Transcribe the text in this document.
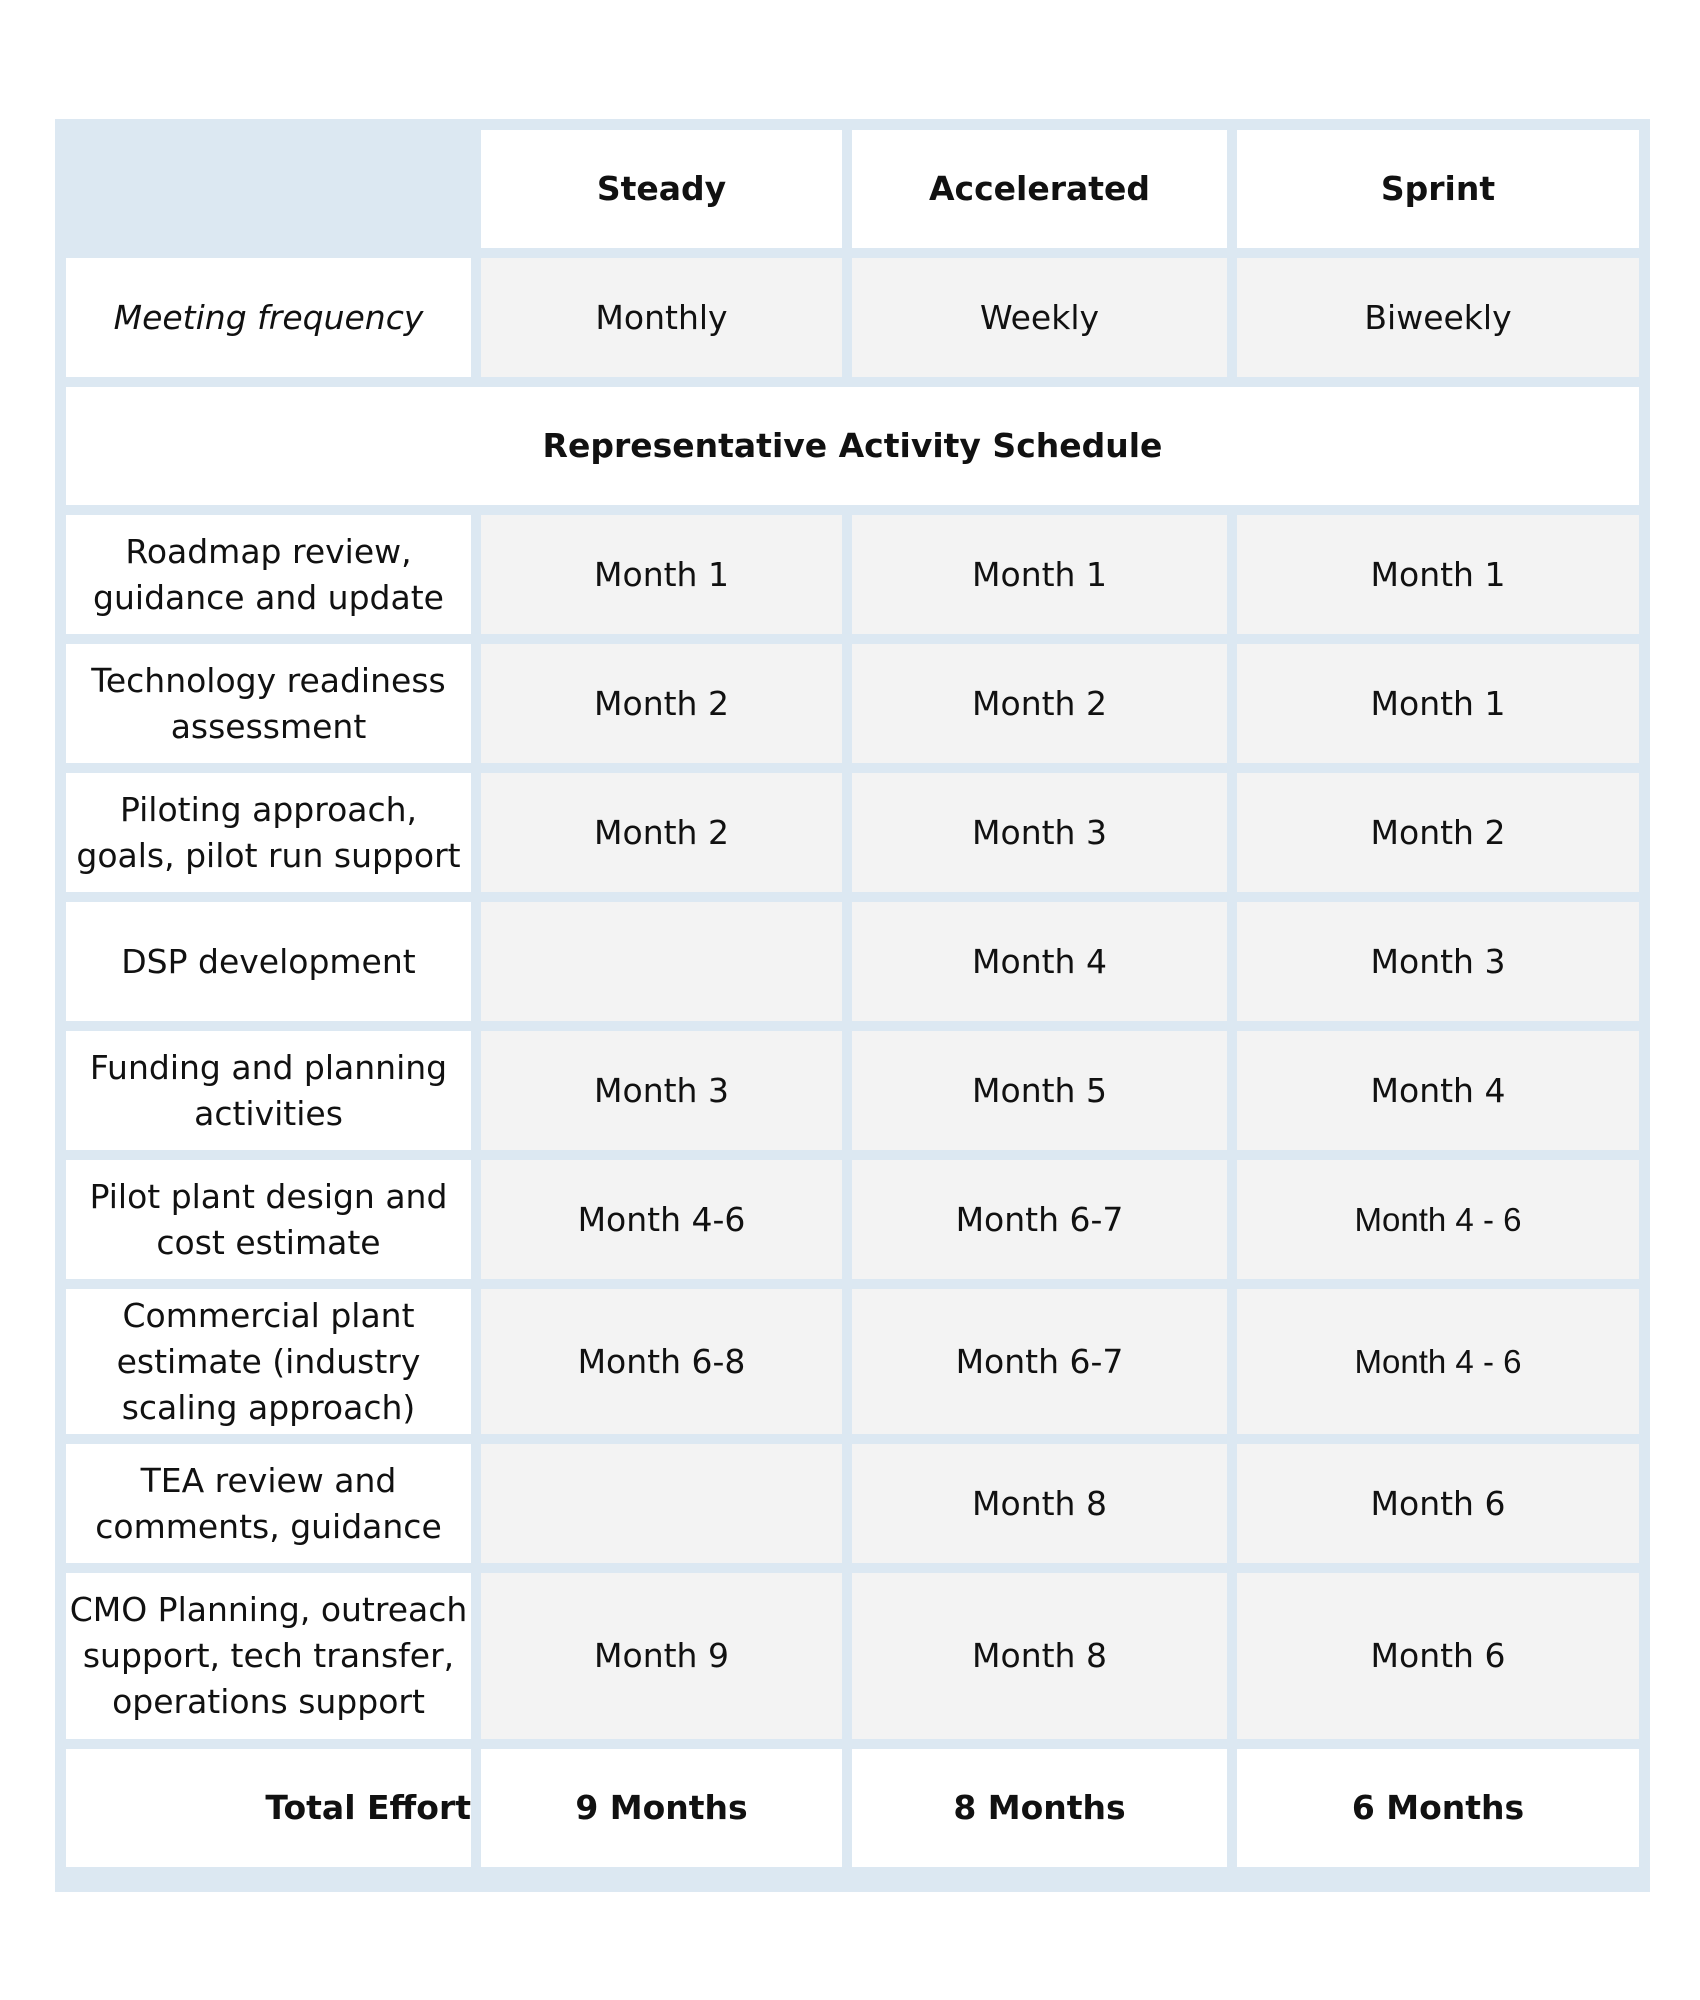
	Steady	Accelerated	Sprint
Meeting frequency	Monthly	Weekly	Biweekly
Representative Activity Schedule			
Roadmap review, guidance and update	Month 1	Month 1	Month 1
Technology readiness assessment	Month 2	Month 2	Month 1
Piloting approach, goals, pilot run support	Month 2	Month 3	Month 2
DSP development		Month 4	Month 3
Funding and planning activities	Month 3	Month 5	Month 4
Pilot plant design and cost estimate	Month 4-6	Month 6-7	Month 4 - 6
Commercial plant estimate (industry scaling approach)	Month 6-8	Month 6-7	Month 4 - 6
TEA review and comments, guidance		Month 8	Month 6
CMO Planning, outreach support, tech transfer, operations support	Month 9	Month 8	Month 6
Total Effort	9 Months	8 Months	6 Months
